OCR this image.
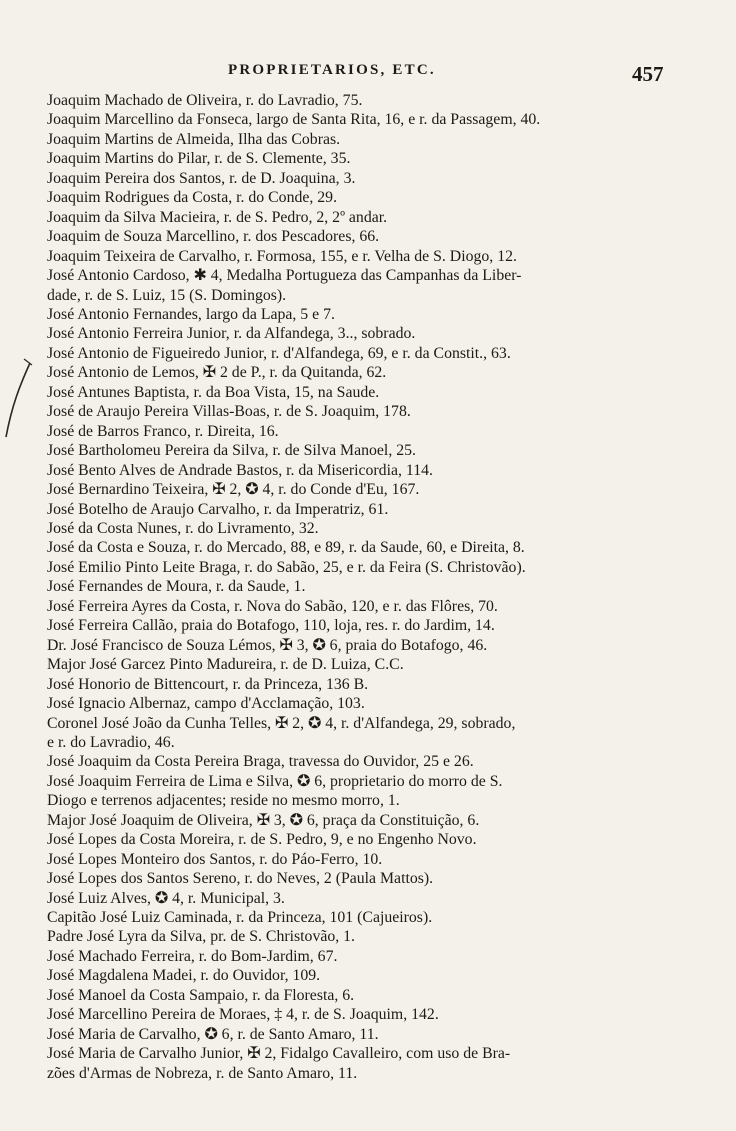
PROPRIETARIOS, ETC.	457
Joaquim Machado de Oliveira, r. do Lavradio, 75.
Joaquim Marcellino da Fonseca, largo de Santa Rita, 16, e r. da Passagem, 40.
Joaquim Martins de Almeida, Ilha das Cobras.
Joaquim Martins do Pilar, r. de S. Clemente, 35.
Joaquim Pereira dos Santos, r. de D. Joaquina, 3.
Joaquim Rodrigues da Costa, r. do Conde, 29.
Joaquim da Silva Macieira, r. de S. Pedro, 2, 2º andar.
Joaquim de Souza Marcellino, r. dos Pescadores, 66.
Joaquim Teixeira de Carvalho, r. Formosa, 155, e r. Velha de S. Diogo, 12.
José Antonio Cardoso, ✱ 4, Medalha Portugueza das Campanhas da Liber-
dade, r. de S. Luiz, 15 (S. Domingos).
José Antonio Fernandes, largo da Lapa, 5 e 7.
José Antonio Ferreira Junior, r. da Alfandega, 3.., sobrado.
José Antonio de Figueiredo Junior, r. d'Alfandega, 69, e r. da Constit., 63.
José Antonio de Lemos, ✠ 2 de P., r. da Quitanda, 62.
José Antunes Baptista, r. da Boa Vista, 15, na Saude.
José de Araujo Pereira Villas-Boas, r. de S. Joaquim, 178.
José de Barros Franco, r. Direita, 16.
José Bartholomeu Pereira da Silva, r. de Silva Manoel, 25.
José Bento Alves de Andrade Bastos, r. da Misericordia, 114.
José Bernardino Teixeira, ✠ 2, ✪ 4, r. do Conde d'Eu, 167.
José Botelho de Araujo Carvalho, r. da Imperatriz, 61.
José da Costa Nunes, r. do Livramento, 32.
José da Costa e Souza, r. do Mercado, 88, e 89, r. da Saude, 60, e Direita, 8.
José Emilio Pinto Leite Braga, r. do Sabão, 25, e r. da Feira (S. Christovão).
José Fernandes de Moura, r. da Saude, 1.
José Ferreira Ayres da Costa, r. Nova do Sabão, 120, e r. das Flôres, 70.
José Ferreira Callão, praia do Botafogo, 110, loja, res. r. do Jardim, 14.
Dr. José Francisco de Souza Lémos, ✠ 3, ✪ 6, praia do Botafogo, 46.
Major José Garcez Pinto Madureira, r. de D. Luiza, C.C.
José Honorio de Bittencourt, r. da Princeza, 136 B.
José Ignacio Albernaz, campo d'Acclamação, 103.
Coronel José João da Cunha Telles, ✠ 2, ✪ 4, r. d'Alfandega, 29, sobrado,
e r. do Lavradio, 46.
José Joaquim da Costa Pereira Braga, travessa do Ouvidor, 25 e 26.
José Joaquim Ferreira de Lima e Silva, ✪ 6, proprietario do morro de S.
Diogo e terrenos adjacentes; reside no mesmo morro, 1.
Major José Joaquim de Oliveira, ✠ 3, ✪ 6, praça da Constituição, 6.
José Lopes da Costa Moreira, r. de S. Pedro, 9, e no Engenho Novo.
José Lopes Monteiro dos Santos, r. do Páo-Ferro, 10.
José Lopes dos Santos Sereno, r. do Neves, 2 (Paula Mattos).
José Luiz Alves, ✪ 4, r. Municipal, 3.
Capitão José Luiz Caminada, r. da Princeza, 101 (Cajueiros).
Padre José Lyra da Silva, pr. de S. Christovão, 1.
José Machado Ferreira, r. do Bom-Jardim, 67.
José Magdalena Madei, r. do Ouvidor, 109.
José Manoel da Costa Sampaio, r. da Floresta, 6.
José Marcellino Pereira de Moraes, ‡ 4, r. de S. Joaquim, 142.
José Maria de Carvalho, ✪ 6, r. de Santo Amaro, 11.
José Maria de Carvalho Junior, ✠ 2, Fidalgo Cavalleiro, com uso de Bra-
zões d'Armas de Nobreza, r. de Santo Amaro, 11.
